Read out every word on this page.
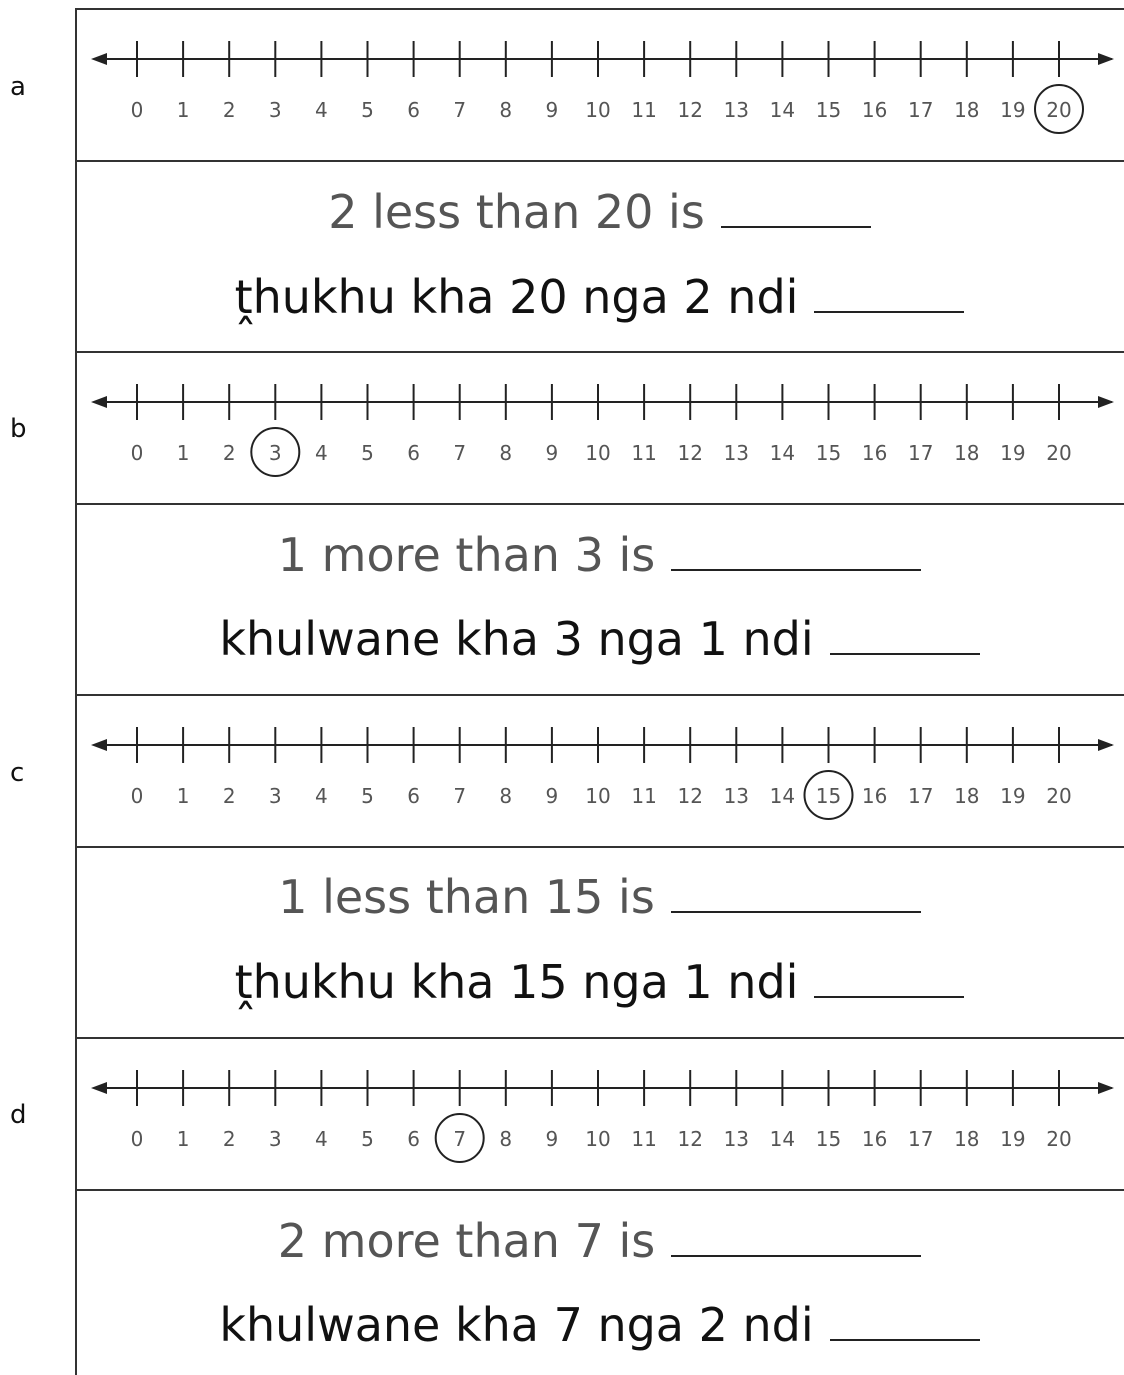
a
0 1 2 3 4 5 6 7 8 9 10 11 12 13 14 15 16 17 18 19 20
2 less than 20 is
ṱhukhu kha 20 nga 2 ndi
b
0 1 2 3 4 5 6 7 8 9 10 11 12 13 14 15 16 17 18 19 20
1 more than 3 is
khulwane kha 3 nga 1 ndi
c
0 1 2 3 4 5 6 7 8 9 10 11 12 13 14 15 16 17 18 19 20
1 less than 15 is
ṱhukhu kha 15 nga 1 ndi
d
0 1 2 3 4 5 6 7 8 9 10 11 12 13 14 15 16 17 18 19 20
2 more than 7 is
khulwane kha 7 nga 2 ndi
